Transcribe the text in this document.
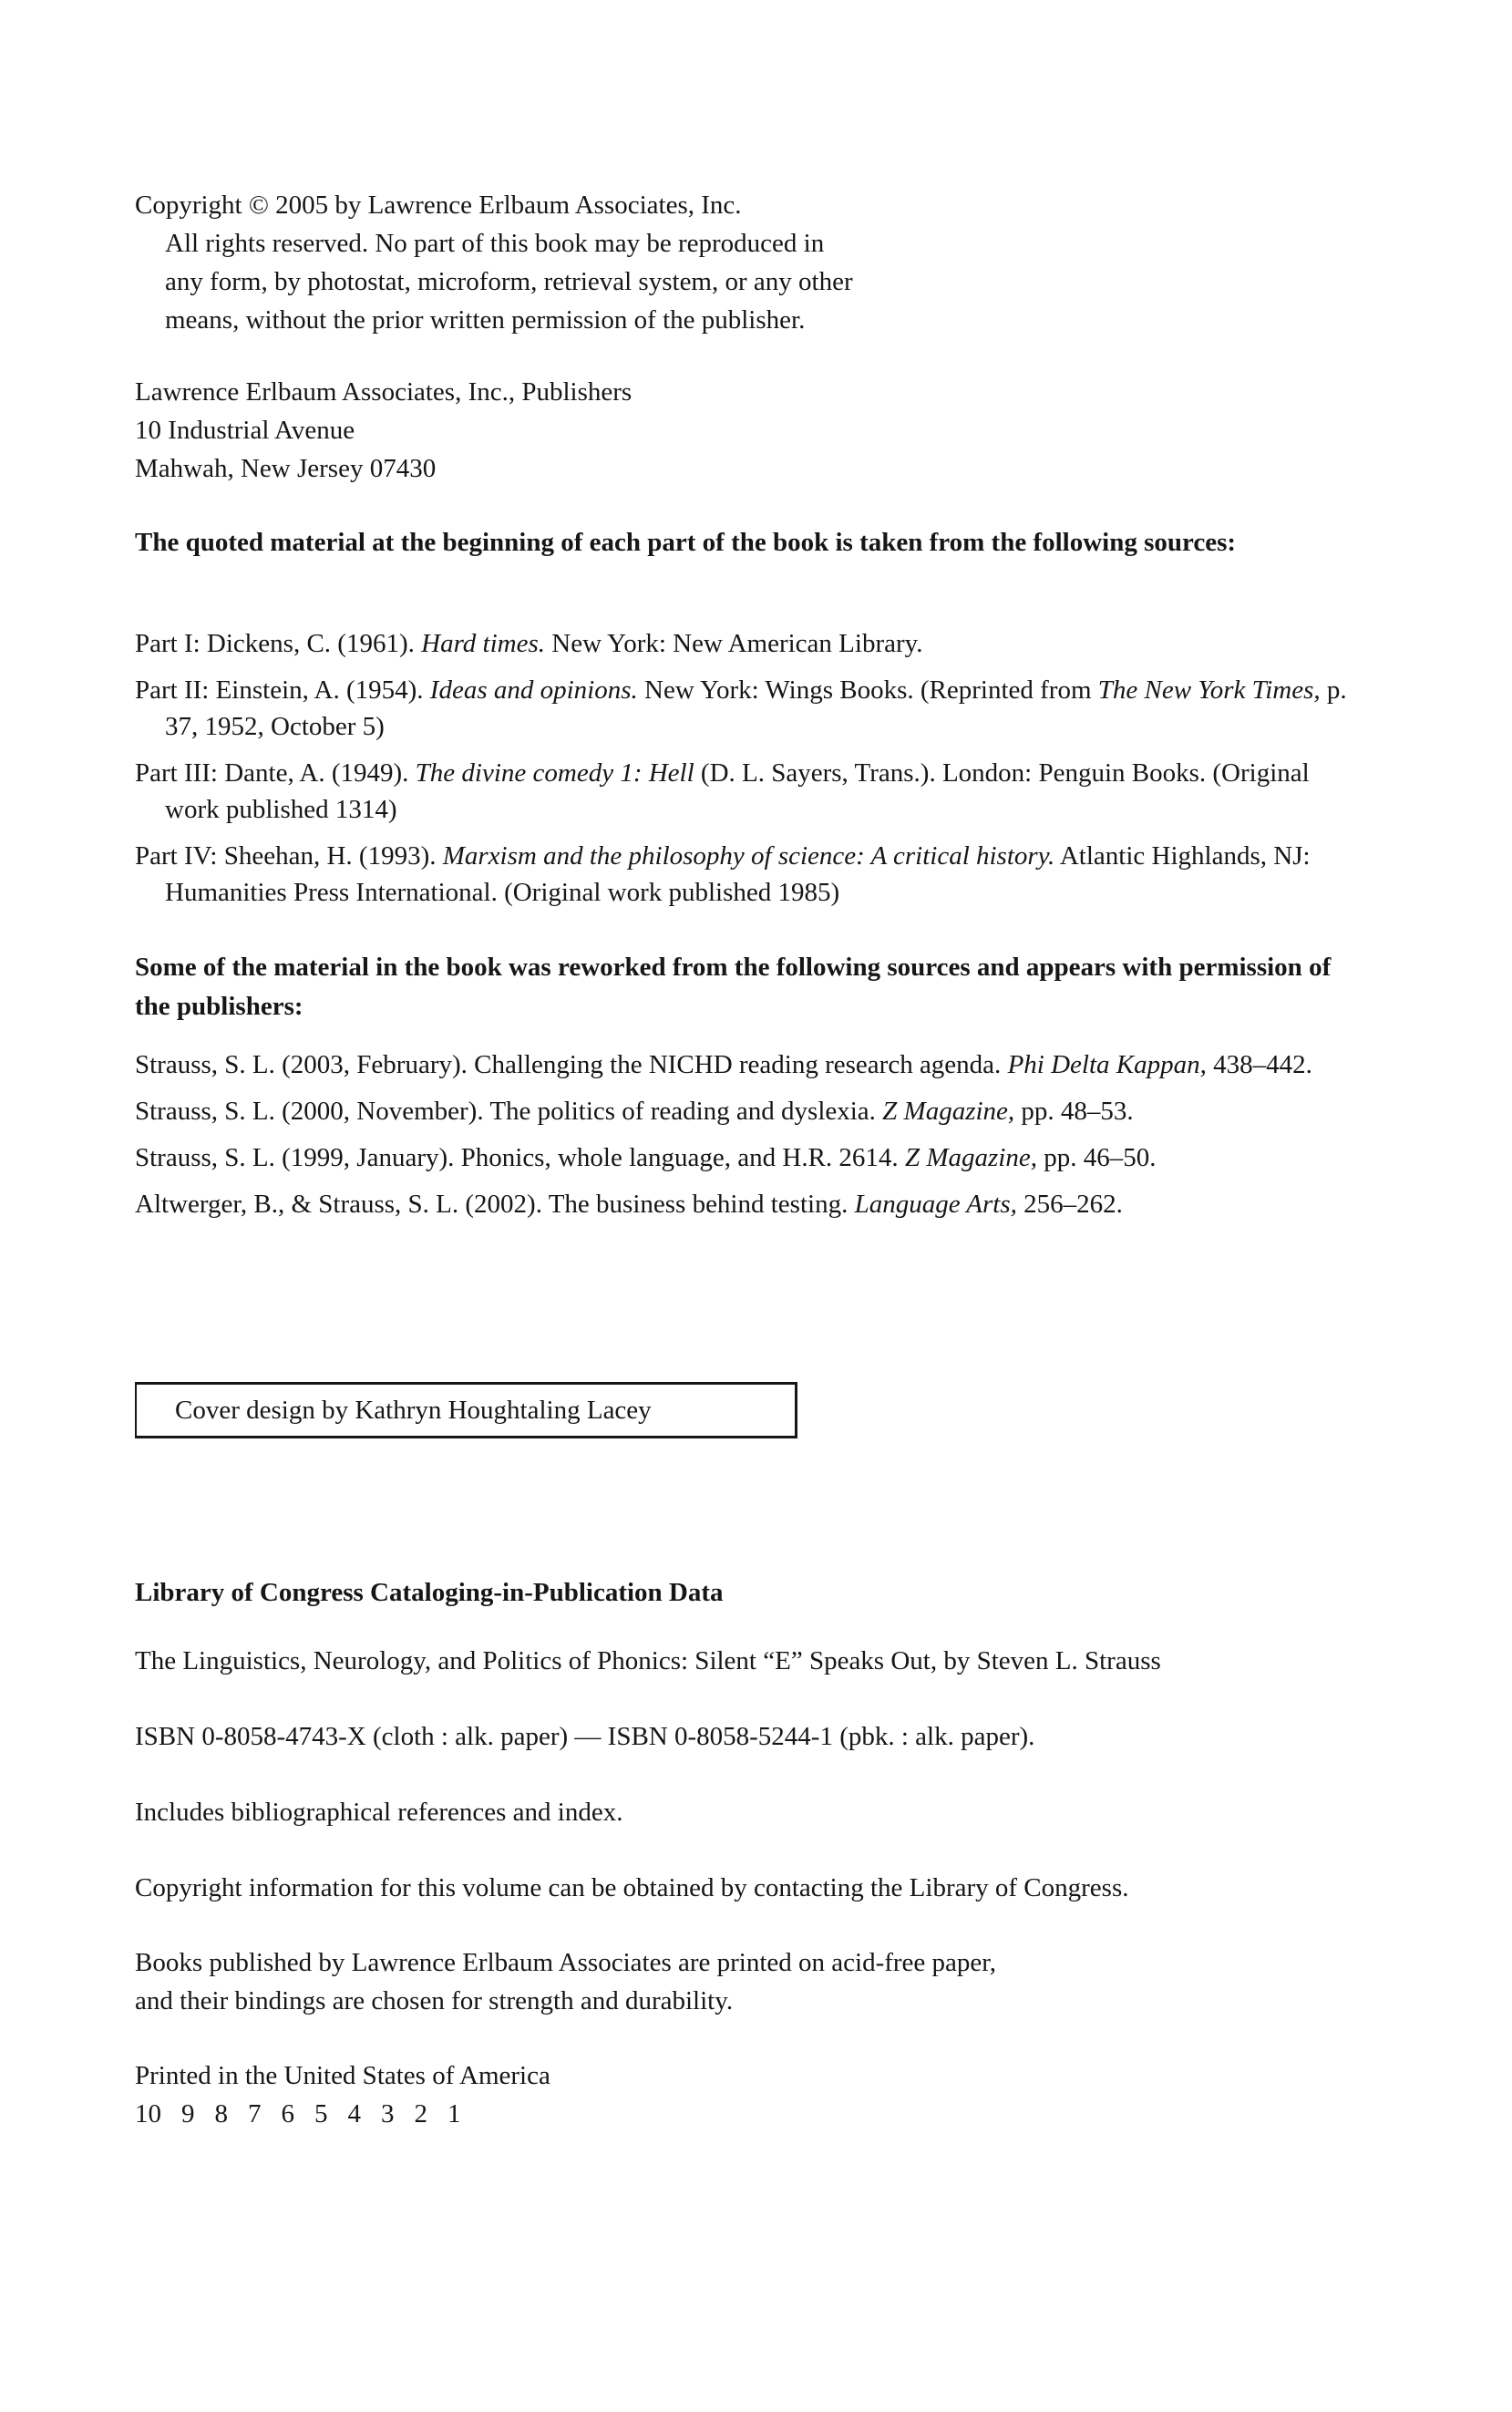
Copyright © 2005 by Lawrence Erlbaum Associates, Inc.

All rights reserved. No part of this book may be reproduced in

any form, by photostat, microform, retrieval system, or any other

means, without the prior written permission of the publisher.

Lawrence Erlbaum Associates, Inc., Publishers

10 Industrial Avenue

Mahwah, New Jersey 07430

The quoted material at the beginning of each part of the book is taken from the following sources:

Part I: Dickens, C. (1961). Hard times. New York: New American Library.

Part II: Einstein, A. (1954). Ideas and opinions. New York: Wings Books. (Reprinted from The New York Times, p. 37, 1952, October 5)

Part III: Dante, A. (1949). The divine comedy 1: Hell (D. L. Sayers, Trans.). London: Penguin Books. (Original work published 1314)

Part IV: Sheehan, H. (1993). Marxism and the philosophy of science: A critical history. Atlantic Highlands, NJ: Humanities Press International. (Original work published 1985)

Some of the material in the book was reworked from the following sources and appears with permission of the publishers:

Strauss, S. L. (2003, February). Challenging the NICHD reading research agenda. Phi Delta Kappan, 438–442.

Strauss, S. L. (2000, November). The politics of reading and dyslexia. Z Magazine, pp. 48–53.

Strauss, S. L. (1999, January). Phonics, whole language, and H.R. 2614. Z Magazine, pp. 46–50.

Altwerger, B., & Strauss, S. L. (2002). The business behind testing. Language Arts, 256–262.

Cover design by Kathryn Houghtaling Lacey
Library of Congress Cataloging-in-Publication Data
The Linguistics, Neurology, and Politics of Phonics: Silent “E” Speaks Out, by Steven L. Strauss
ISBN 0-8058-4743-X (cloth : alk. paper) — ISBN 0-8058-5244-1 (pbk. : alk. paper).
Includes bibliographical references and index.
Copyright information for this volume can be obtained by contacting the Library of Congress.
Books published by Lawrence Erlbaum Associates are printed on acid-free paper,
and their bindings are chosen for strength and durability.
Printed in the United States of America
10 9 8 7 6 5 4 3 2 1
